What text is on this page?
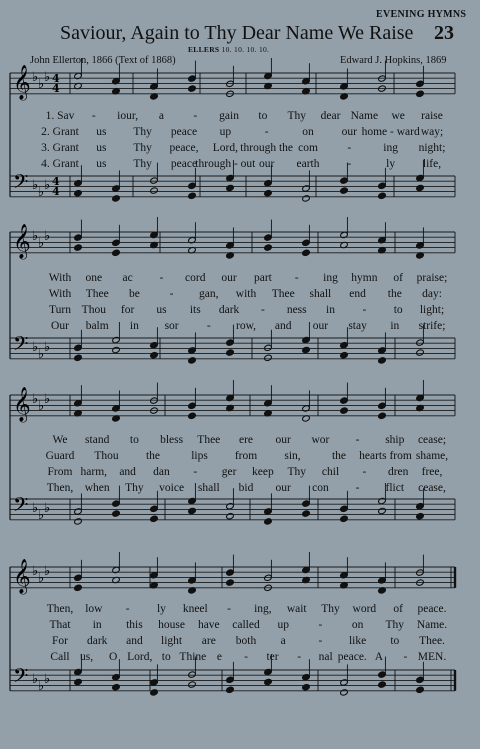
EVENING HYMNS
Saviour, Again to Thy Dear Name We Raise 23
ELLERS 10. 10. 10. 10.
John Ellerton, 1866 (Text of 1868)	Edward J. Hopkins, 1869
𝄞
𝄢
♭
♭
♭
♭
♭
♭
4
4
4
4
𝄞
𝄢
♭
♭
♭
♭
♭
♭
𝄞
𝄢
♭
♭
♭
♭
♭
♭
𝄞
𝄢
♭
♭
♭
♭
♭
♭
1. Sav - iour, a	- gain to Thy dear Name we raise
2. Grant us Thy peace up	-	on our home - ward way;
3. Grant us Thy peace, Lord, through the com	-	ing night;
4. Grant us Thy peace
through - out our earth -	ly life,
With one ac - cord our part - ing hymn of praise;
With Thee be	- gan, with Thee shall end the day:
Turn Thou for us its dark - ness in - to light;
Our balm in sor - row, and our stay in strife;
We stand to bless Thee ere our wor - ship cease;
Guard Thou the	lips from sin,	the hearts from shame,
From harm, and dan - ger keep Thy chil - dren free,
Then, when Thy voice shall bid our con - flict cease,
Then, low - ly kneel - ing, wait Thy word of peace.
That in this house have called up	-	on Thy Name.
For dark and light are both a	- like to Thee.
Call us, O Lord, to Thine e - ter - nal peace. A - MEN.
